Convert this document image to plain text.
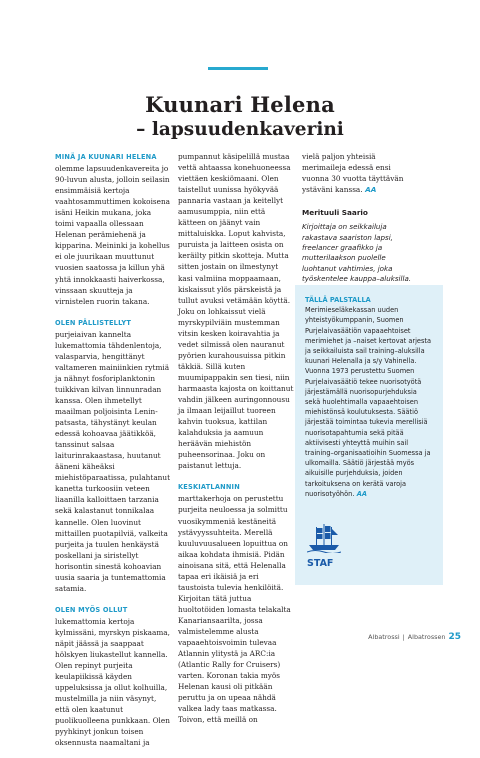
Kuunari Helena
– lapsuudenkaverini

MINÄ JA KUUNARI HELENA olemme lapsuudenkavereita jo 90-luvun alusta, jolloin seilasin ensimmäisiä kertoja vaahtosammuttimen kokoisena isäni Heikin mukana, joka toimi vapaalla ollessaan Helenan perämiehenä ja kipparina. Meininki ja kohellus ei ole juurikaan muuttunut vuosien saatossa ja killun yhä yhtä innokkaasti haiverkossa, vinssaan skuutteja ja virnistelen ruorin takana.

OLEN PÄLLISTELLYT purjeiaivan kannelta lukemattomia tähdenlentoja, valasparvia, hengittänyt valtameren mainiinkien rytmiä ja nähnyt fosforiplanktonin tuikkivan kilvan linnunradan kanssa. Olen ihmetellyt maailman poljoisinta Lenin-patsasta, tähystänyt keulan edessä kohoavaa jäätikköä, tanssinut salsaa laiturinrakaastasa, huutanut ääneni käheäksi miehistöparaatissa, pulahtanut kanetta turkoosiin veteen liaanilla kalloittaen tarzania sekä kalastanut tonnikalaa kannelle. Olen luovinut mittaillen puotapilviä, valkeita purjeita ja tuulen henkäystä poskellani ja siristellyt horisontin sinestä kohoavian uusia saaria ja tuntemattomia satamia.

OLEN MYÖS OLLUT lukemattomia kertoja kylmissäni, myrskyn piskaama, näpit jäässä ja saappaat hölskyen liukastellut kannella. Olen repinyt purjeita keulapiikissä käyden uppeluksissa ja ollut kolhuilla, mustelmilla ja niin väsynyt, että olen kaatunut puolikuolleena punkkaan. Olen pyyhkinyt jonkun toisen oksennusta naamaltani ja

pumpannut käsipelillä mustaa vettä ahtaassa konehuoneessa viettäen keskiömaani. Olen taistellut uunissa hyökyvää pannaria vastaan ja keitellyt aamusumppia, niin että kätteen on jäänyt vain mittaluiskka. Loput kahvista, puruista ja laitteen osista on keräilty pitkin skotteja. Mutta sitten jostain on ilmestynyt kasi valmiina moppaamaan, kiskaissut ylös pärskeistä ja tullut avuksi vetämään köyttä. Joku on lohkaissut vielä myrskypilviäin mustemman vitsin kesken koiravahtia ja vedet silmissä olen nauranut pyörien kurahousuissa pitkin täkkiä. Sillä kuten muumipappakin sen tiesi, niin harmaasta kajosta on koittanut vahdin jälkeen auringonnousu ja ilmaan leijaillut tuoreen kahvin tuoksua, kattilan kalahduksia ja aamuun heräävän miehistön puheensorinaa. Joku on paistanut lettuja.

KESKIATLANNIN marttakerhoja on perustettu purjeita neuloessa ja solmittu vuosikymmeniä kestäneitä ystävyyssuhteita. Merellä kuuluvuusalueen lopuittua on aikaa kohdata ihmisiä. Pidän ainoisana sitä, että Helenalla tapaa eri ikäisiä ja eri taustoista tulevia henkilöitä. Kirjoitan tätä juttua huoltotöiden lomasta telakalta Kanariansaarilta, jossa valmistelemme alusta vapaaehtoisvoimin tulevaa Atlannin ylitystä ja ARC:ia (Atlantic Rally for Cruisers) varten. Koronan takia myös Helenan kausi oli pitkään peruttu ja on upeaa nähdä valkea lady taas matkassa. Toivon, että meillä on

vielä paljon yhteisiä merimaileja edessä ensi vuonna 30 vuotta täyttävän ystäväni kanssa. AA

Merituuli Saario
Kirjoittaja on seikkailuja rakastava saariston lapsi, freelancer graafikko ja mutterilaakson puolelle luohtanut vahtimies, joka työskentelee kauppa–aluksilla.
TÄLLÄ PALSTALLA Merimieseläkekassan uuden yhteistyökumppanin, Suomen Purjelaivasäätiön vapaaehtoiset merimiehet ja –naiset kertovat arjesta ja seikkailuista sail training–aluksilla kuunari Helenalla ja s/y Vahinella. Vuonna 1973 perustettu Suomen Purjelaivasäätiö tekee nuorisotyötä järjestämällä nuorisopurjehduksia sekä huolehtimalla vapaaehtoisen miehistönsä koulutuksesta. Säätiö järjestää toimintaa tukevia merellisiä nuorisotapahtumia sekä pitää aktiivisesti yhteyttä muihin sail training–organisaatioihin Suomessa ja ulkomailla. Säätiö järjestää myös aikuisille purjehduksia, joiden tarkoituksena on kerätä varoja nuorisotyöhön. AA
STAF
Albatrossi | Albatrossen 25
